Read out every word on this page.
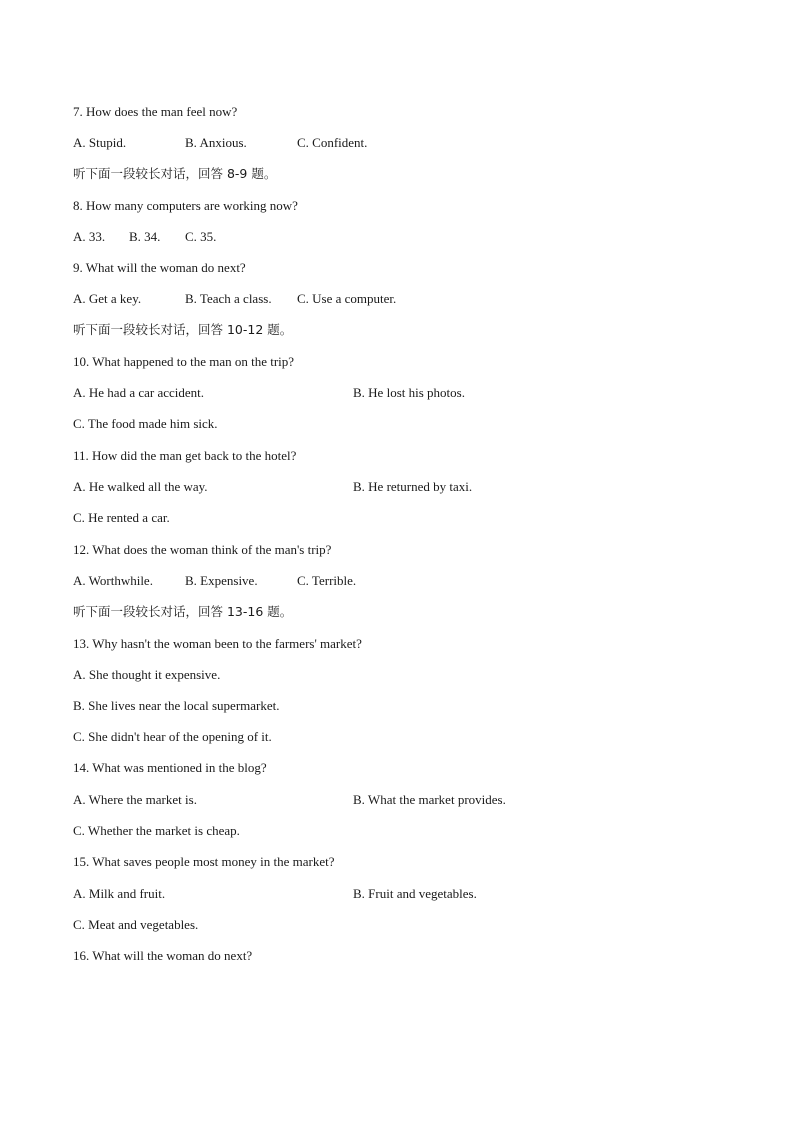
7. How does the man feel now?
A. Stupid.	B. Anxious.	C. Confident.
听下面一段较长对话，回答 8-9 题。
8. How many computers are working now?
A. 33. B. 34. C. 35.
9. What will the woman do next?
A. Get a key.	B. Teach a class. C. Use a computer.
听下面一段较长对话，回答 10-12 题。
10. What happened to the man on the trip?
A. He had a car accident.	B. He lost his photos.
C. The food made him sick.
11. How did the man get back to the hotel?
A. He walked all the way.	B. He returned by taxi.
C. He rented a car.
12. What does the woman think of the man's trip?
A. Worthwhile. B. Expensive.	C. Terrible.
听下面一段较长对话，回答 13-16 题。
13. Why hasn't the woman been to the farmers' market?
A. She thought it expensive.
B. She lives near the local supermarket.
C. She didn't hear of the opening of it.
14. What was mentioned in the blog?
A. Where the market is.	B. What the market provides.
C. Whether the market is cheap.
15. What saves people most money in the market?
A. Milk and fruit.	B. Fruit and vegetables.
C. Meat and vegetables.
16. What will the woman do next?
